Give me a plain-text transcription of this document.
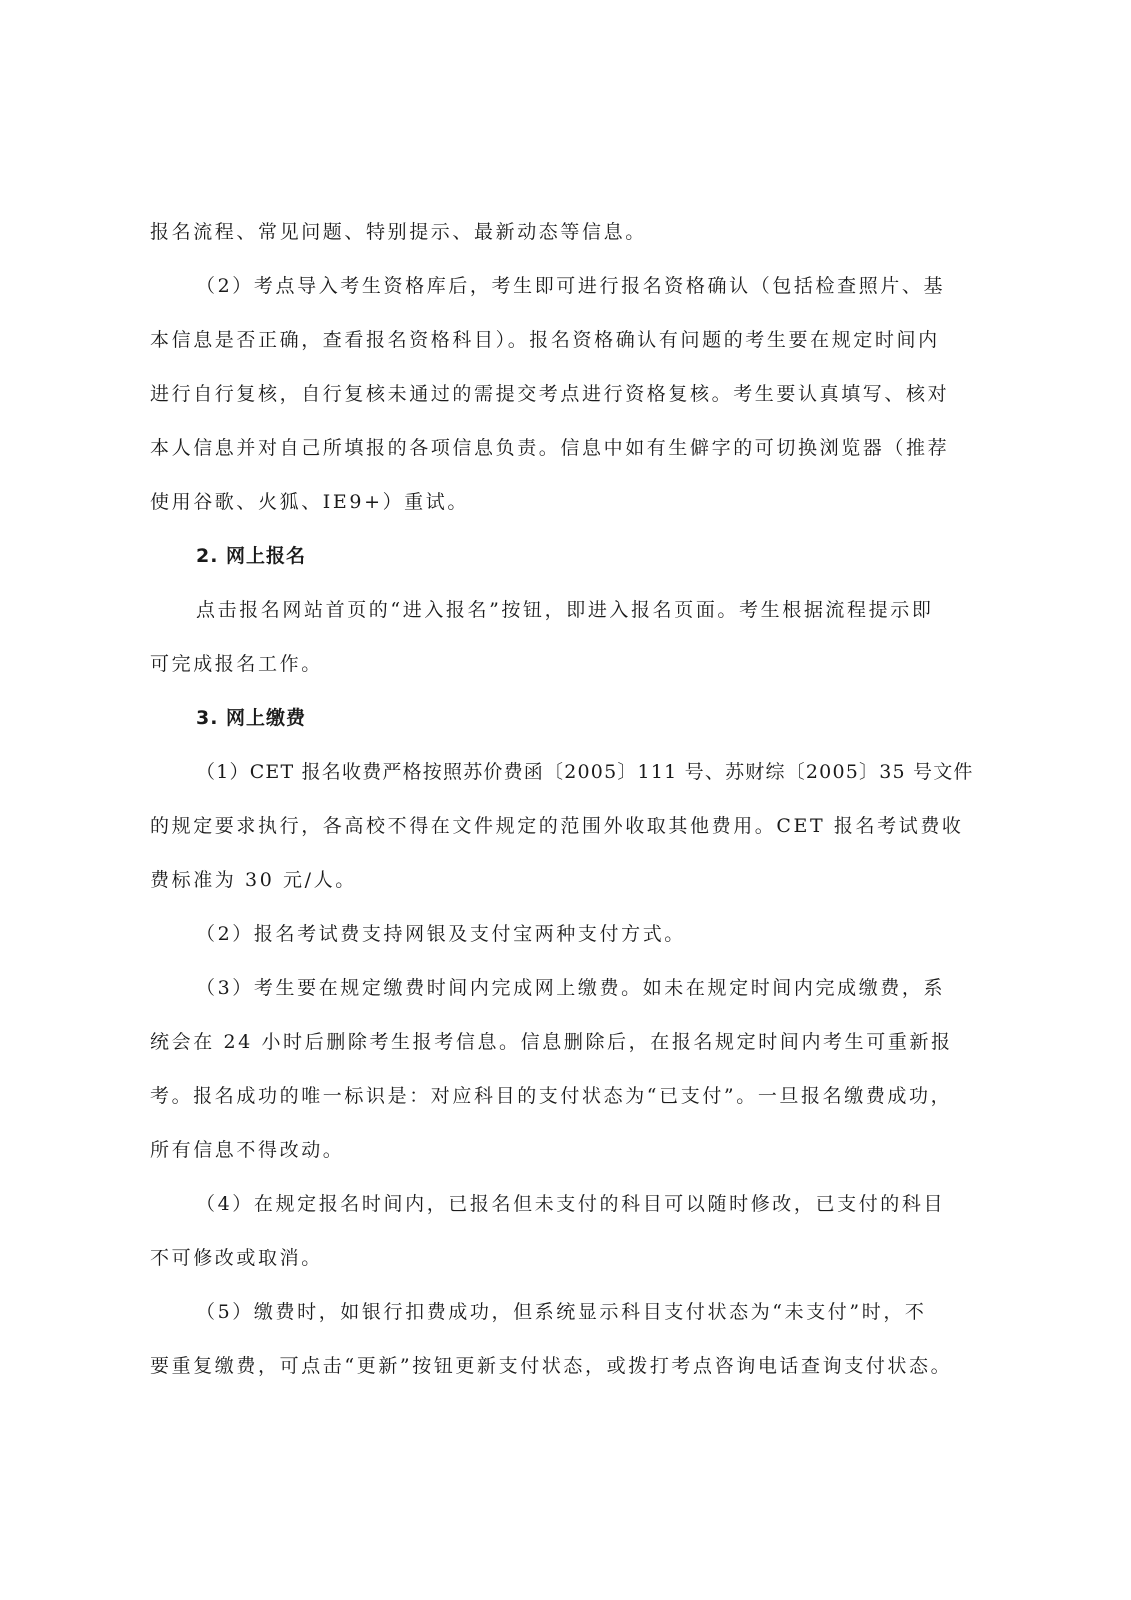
报名流程、常见问题、特别提示、最新动态等信息。
（2）考点导入考生资格库后，考生即可进行报名资格确认（包括检查照片、基
本信息是否正确，查看报名资格科目）。报名资格确认有问题的考生要在规定时间内
进行自行复核，自行复核未通过的需提交考点进行资格复核。考生要认真填写、核对
本人信息并对自己所填报的各项信息负责。信息中如有生僻字的可切换浏览器（推荐
使用谷歌、火狐、IE9+）重试。
2. 网上报名
点击报名网站首页的“进入报名”按钮，即进入报名页面。考生根据流程提示即
可完成报名工作。
3. 网上缴费
（1）CET 报名收费严格按照苏价费函〔2005〕111 号、苏财综〔2005〕35 号文件
的规定要求执行，各高校不得在文件规定的范围外收取其他费用。CET 报名考试费收
费标准为 30 元/人。
（2）报名考试费支持网银及支付宝两种支付方式。
（3）考生要在规定缴费时间内完成网上缴费。如未在规定时间内完成缴费，系
统会在 24 小时后删除考生报考信息。信息删除后，在报名规定时间内考生可重新报
考。报名成功的唯一标识是：对应科目的支付状态为“已支付”。一旦报名缴费成功，
所有信息不得改动。
（4）在规定报名时间内，已报名但未支付的科目可以随时修改，已支付的科目
不可修改或取消。
（5）缴费时，如银行扣费成功，但系统显示科目支付状态为“未支付”时，不
要重复缴费，可点击“更新”按钮更新支付状态，或拨打考点咨询电话查询支付状态。
